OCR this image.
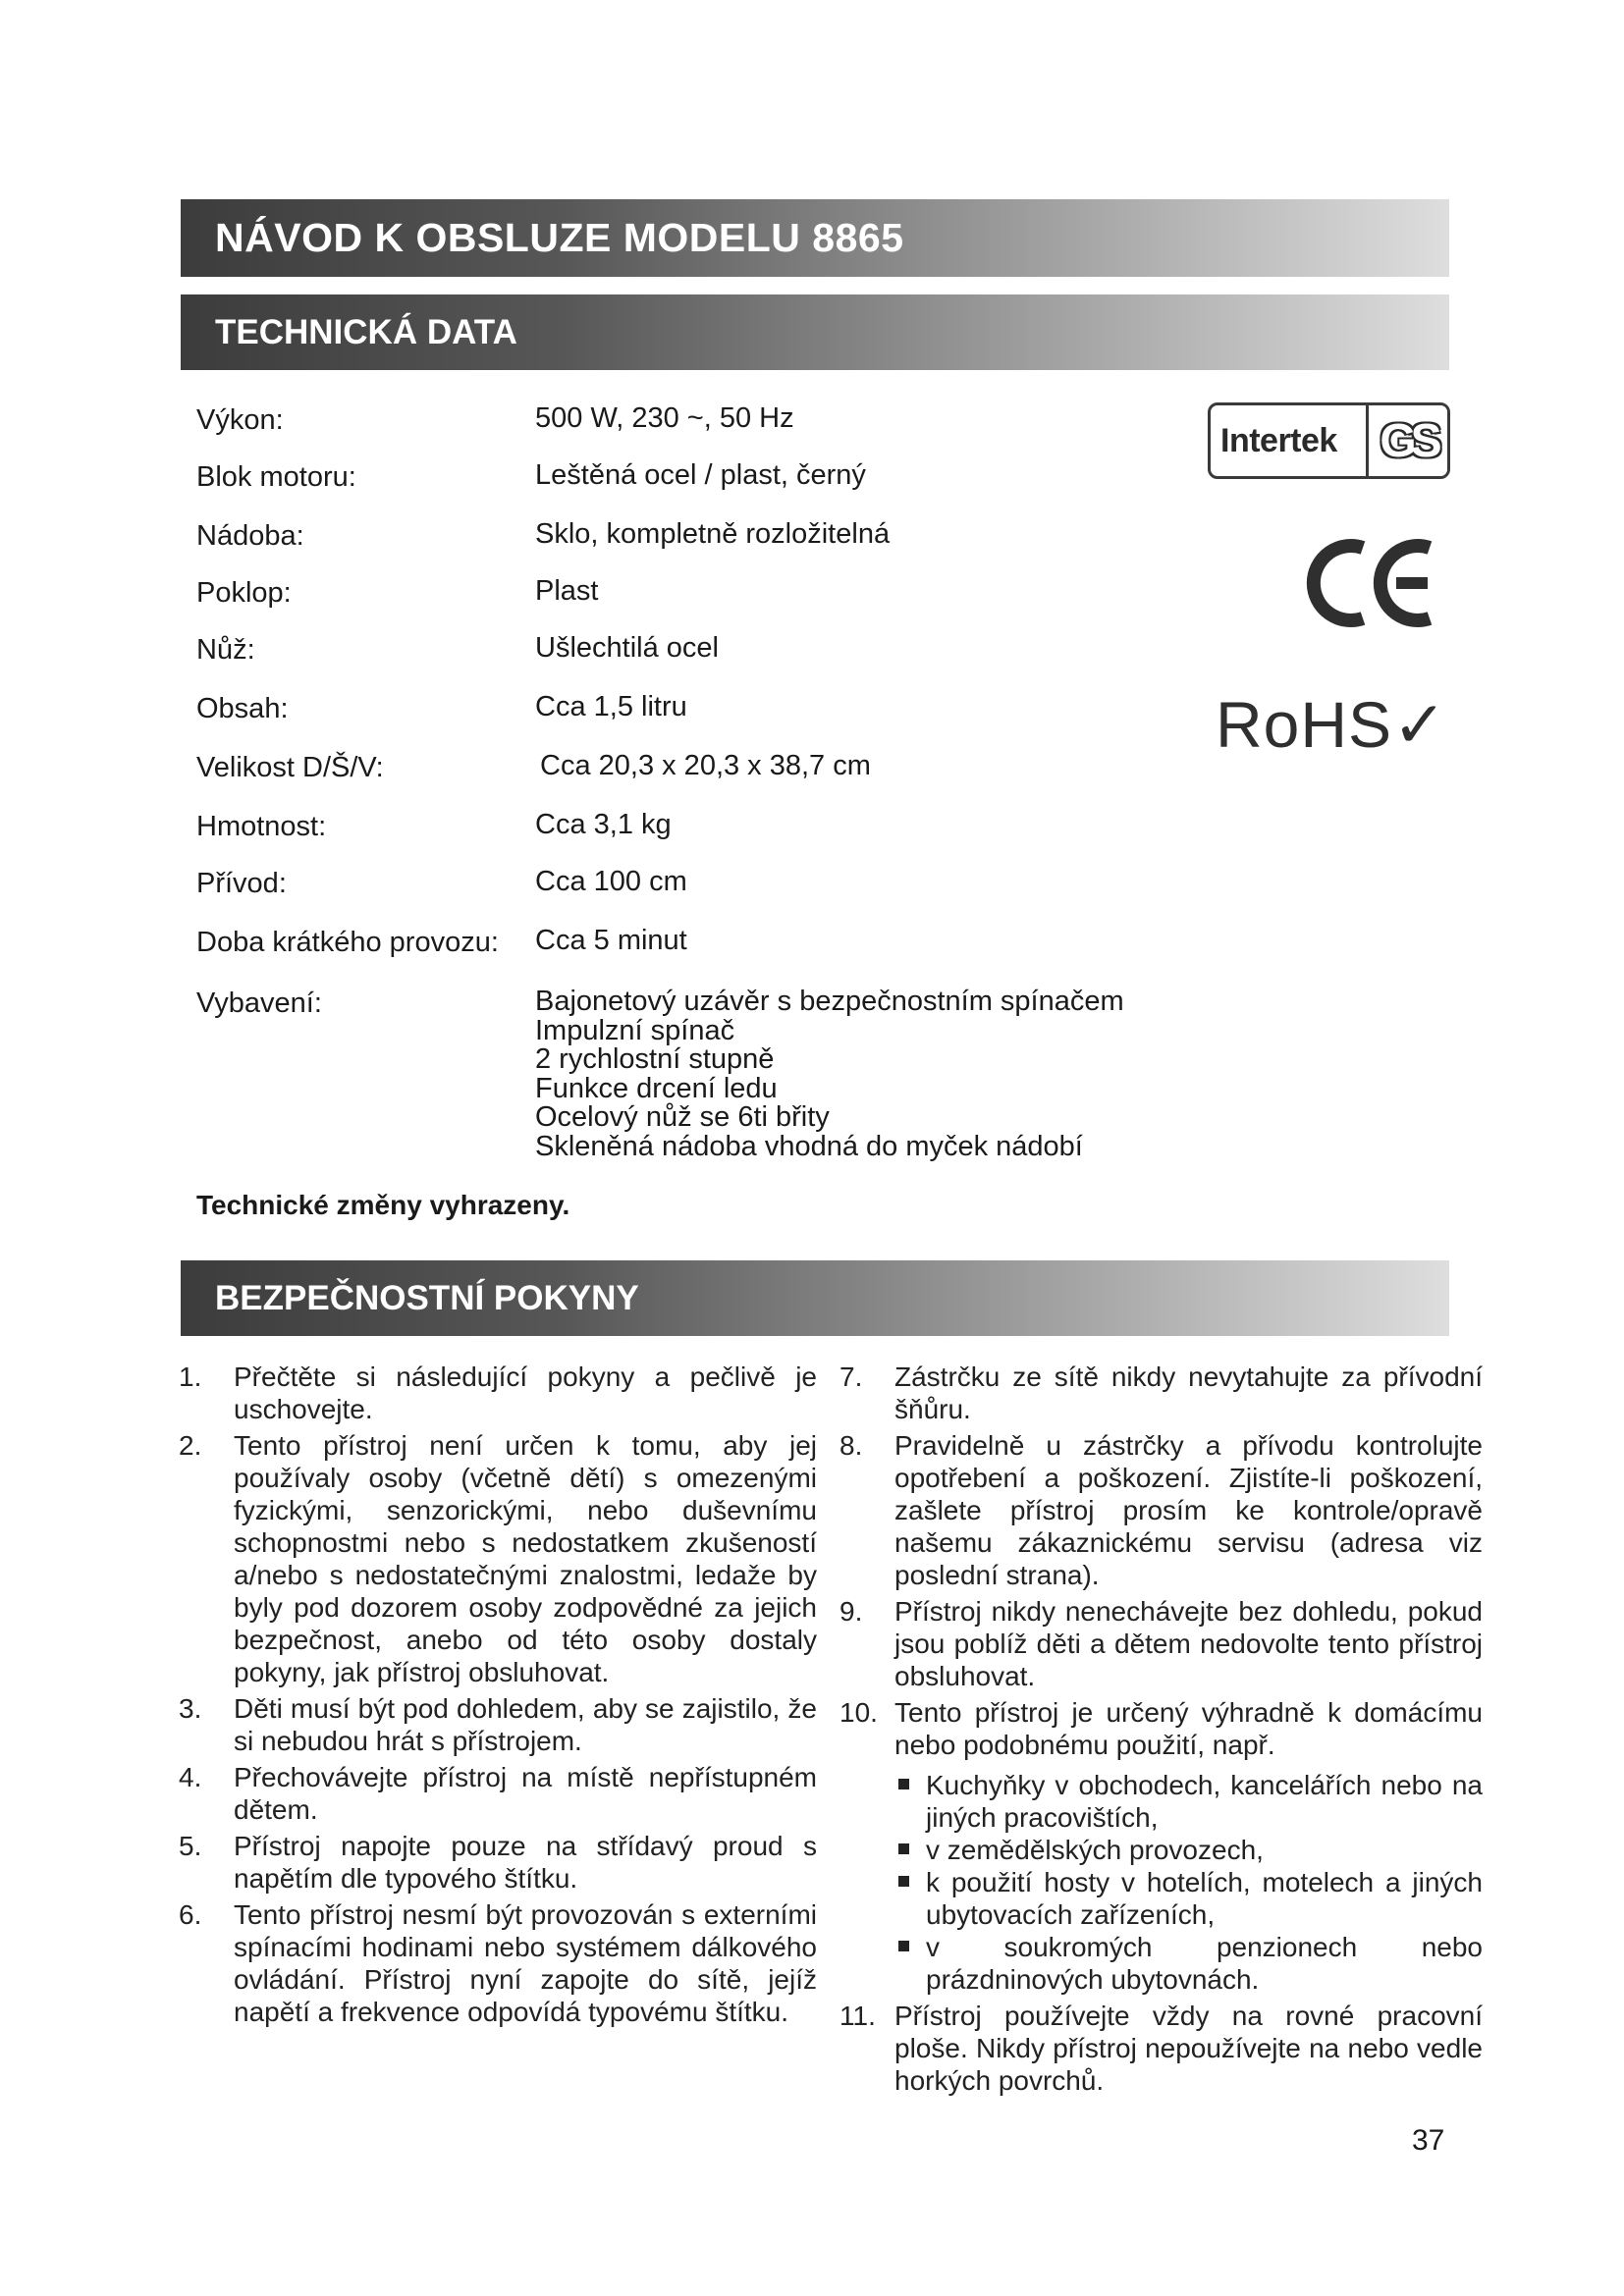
NÁVOD K OBSLUZE MODELU 8865
TECHNICKÁ DATA
Výkon:	500 W, 230 ~, 50 Hz
Blok motoru:	Leštěná ocel / plast, černý
Nádoba:	Sklo, kompletně rozložitelná
Poklop:	Plast
Nůž:	Ušlechtilá ocel
Obsah:	Cca 1,5 litru
Velikost D/Š/V:	Cca 20,3 x 20,3 x 38,7 cm
Hmotnost:	Cca 3,1 kg
Přívod:	Cca 100 cm
Doba krátkého provozu: Cca 5 minut
Vybavení:	Bajonetový uzávěr s bezpečnostním spínačem
Impulzní spínač
2 rychlostní stupně
Funkce drcení ledu
Ocelový nůž se 6ti břity
Skleněná nádoba vhodná do myček nádobí
Technické změny vyhrazeny.
Intertek GS
RoHS✓
BEZPEČNOSTNÍ POKYNY
1. Přečtěte si následující pokyny a pečlivě je uschovejte.
2. Tento přístroj není určen k tomu, aby jej používaly osoby (včetně dětí) s omezenými fyzickými, senzorickými, nebo duševnímu schopnostmi nebo s nedostatkem zkušeností a/nebo s nedostatečnými znalostmi, ledaže by byly pod dozorem osoby zodpovědné za jejich bezpečnost, anebo od této osoby dostaly pokyny, jak přístroj obsluhovat.
3. Děti musí být pod dohledem, aby se zajistilo, že si nebudou hrát s přístrojem.
4. Přechovávejte přístroj na místě nepřístupném dětem.
5. Přístroj napojte pouze na střídavý proud s napětím dle typového štítku.
6. Tento přístroj nesmí být provozován s externími spínacími hodinami nebo systémem dálkového ovládání. Přístroj nyní zapojte do sítě, jejíž napětí a frekvence odpovídá typovému štítku.
7. Zástrčku ze sítě nikdy nevytahujte za přívodní šňůru.
8. Pravidelně u zástrčky a přívodu kontrolujte opotřebení a poškození. Zjistíte-li poškození, zašlete přístroj prosím ke kontrole/opravě našemu zákaznickému servisu (adresa viz poslední strana).
9. Přístroj nikdy nenechávejte bez dohledu, pokud jsou poblíž děti a dětem nedovolte tento přístroj obsluhovat.
10. Tento přístroj je určený výhradně k domácímu nebo podobnému použití, např.
Kuchyňky v obchodech, kancelářích nebo na jiných pracovištích,
v zemědělských provozech,
k použití hosty v hotelích, motelech a jiných ubytovacích zařízeních,
v soukromých penzionech nebo prázdninových ubytovnách.
11. Přístroj používejte vždy na rovné pracovní ploše. Nikdy přístroj nepoužívejte na nebo vedle horkých povrchů.
37
